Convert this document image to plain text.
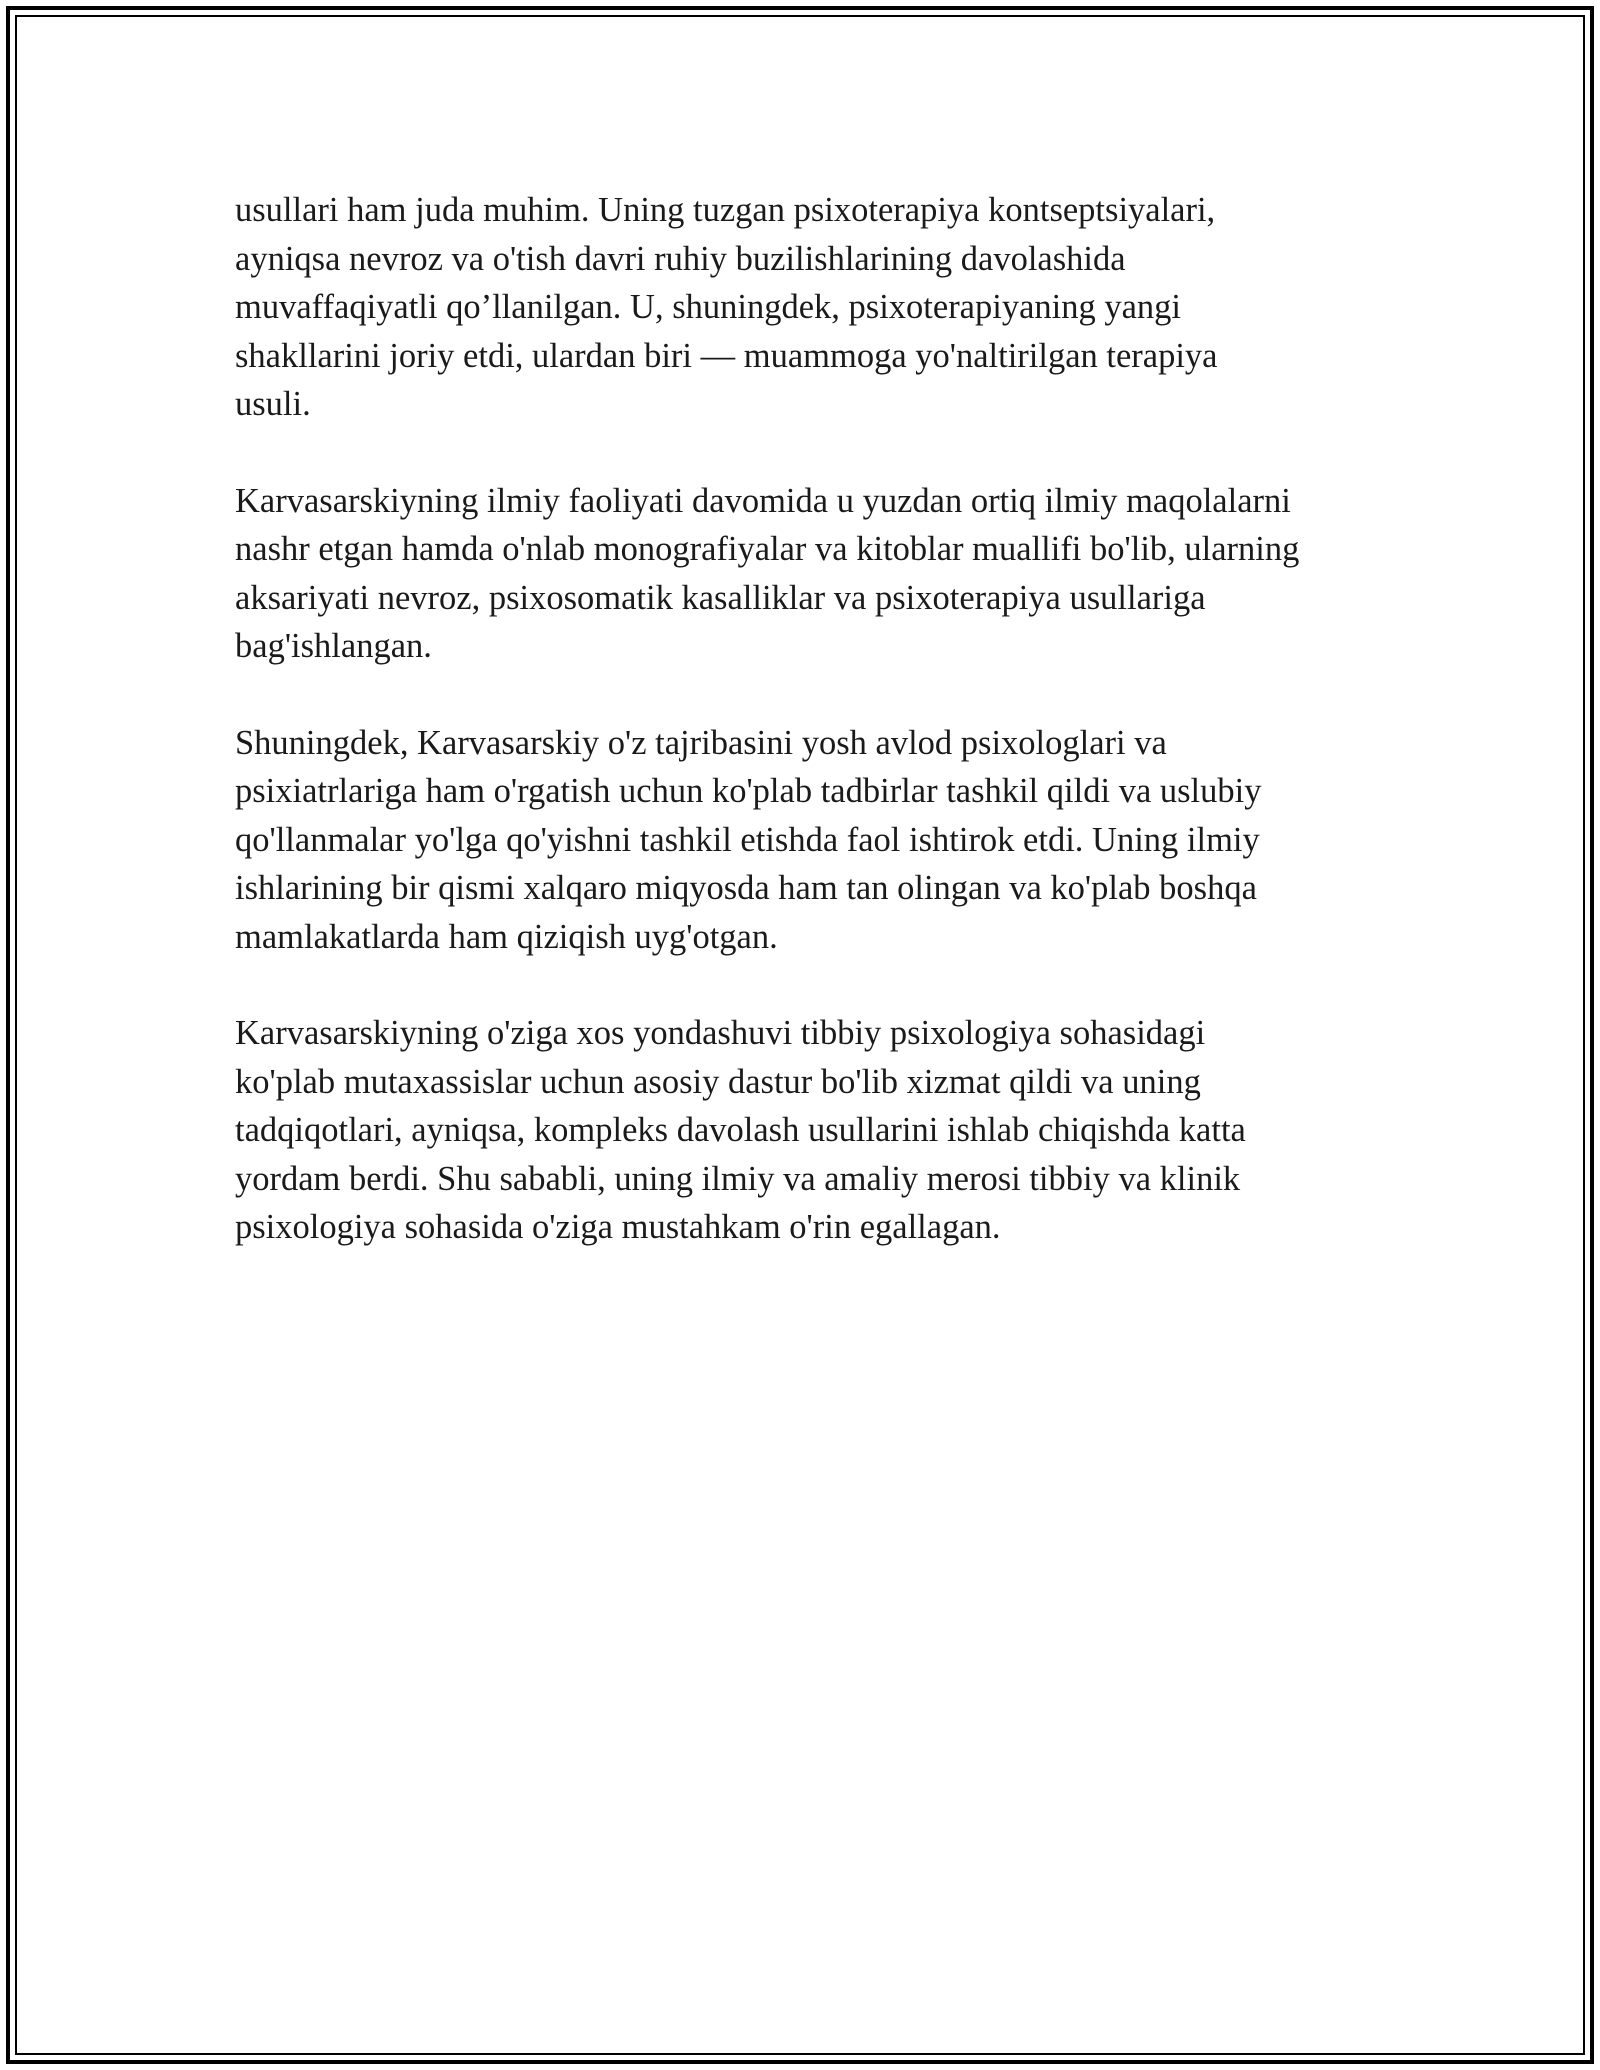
usullari ham juda muhim. Uning tuzgan psixoterapiya kontseptsiyalari,
ayniqsa nevroz va o'tish davri ruhiy buzilishlarining davolashida
muvaffaqiyatli qo’llanilgan. U, shuningdek, psixoterapiyaning yangi
shakllarini joriy etdi, ulardan biri — muammoga yo'naltirilgan terapiya
usuli.

Karvasarskiyning ilmiy faoliyati davomida u yuzdan ortiq ilmiy maqolalarni
nashr etgan hamda o'nlab monografiyalar va kitoblar muallifi bo'lib, ularning
aksariyati nevroz, psixosomatik kasalliklar va psixoterapiya usullariga
bag'ishlangan.

Shuningdek, Karvasarskiy o'z tajribasini yosh avlod psixologlari va
psixiatrlariga ham o'rgatish uchun ko'plab tadbirlar tashkil qildi va uslubiy
qo'llanmalar yo'lga qo'yishni tashkil etishda faol ishtirok etdi. Uning ilmiy
ishlarining bir qismi xalqaro miqyosda ham tan olingan va ko'plab boshqa
mamlakatlarda ham qiziqish uyg'otgan.

Karvasarskiyning o'ziga xos yondashuvi tibbiy psixologiya sohasidagi
ko'plab mutaxassislar uchun asosiy dastur bo'lib xizmat qildi va uning
tadqiqotlari, ayniqsa, kompleks davolash usullarini ishlab chiqishda katta
yordam berdi. Shu sababli, uning ilmiy va amaliy merosi tibbiy va klinik
psixologiya sohasida o'ziga mustahkam o'rin egallagan.
